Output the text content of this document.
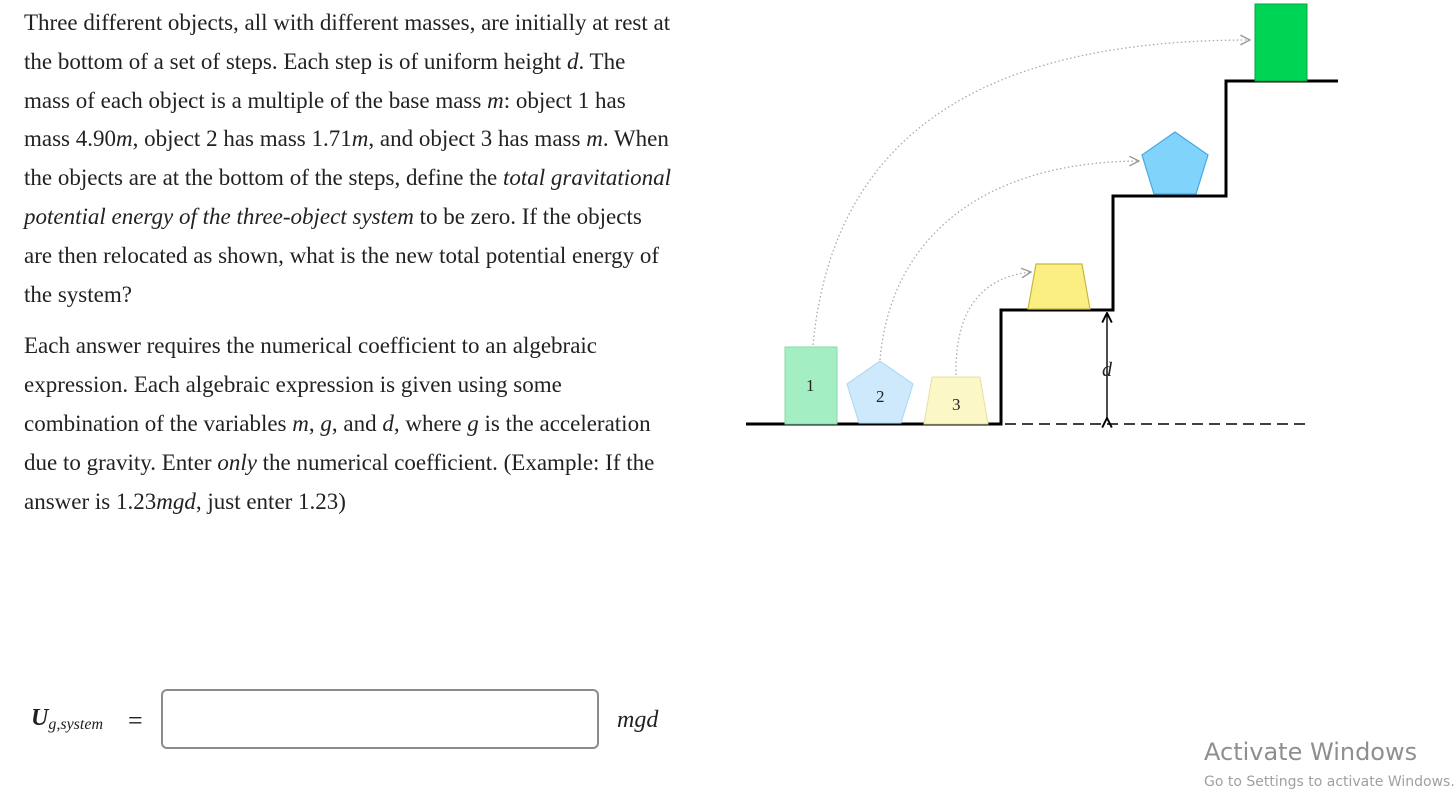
Three different objects, all with different masses, are initially at rest at the bottom of a set of steps. Each step is of uniform height d. The mass of each object is a multiple of the base mass m: object 1 has mass 4.90m, object 2 has mass 1.71m, and object 3 has mass m. When the objects are at the bottom of the steps, define the total gravitational potential energy of the three-object system to be zero. If the objects are then relocated as shown, what is the new total potential energy of the system?

Each answer requires the numerical coefficient to an algebraic expression. Each algebraic expression is given using some combination of the variables m, g, and d, where g is the acceleration due to gravity. Enter only the numerical coefficient. (Example: If the answer is 1.23mgd, just enter 1.23)

d
1
2	3
Ug,system =	mgd
Activate Windows
Go to Settings to activate Windows.
